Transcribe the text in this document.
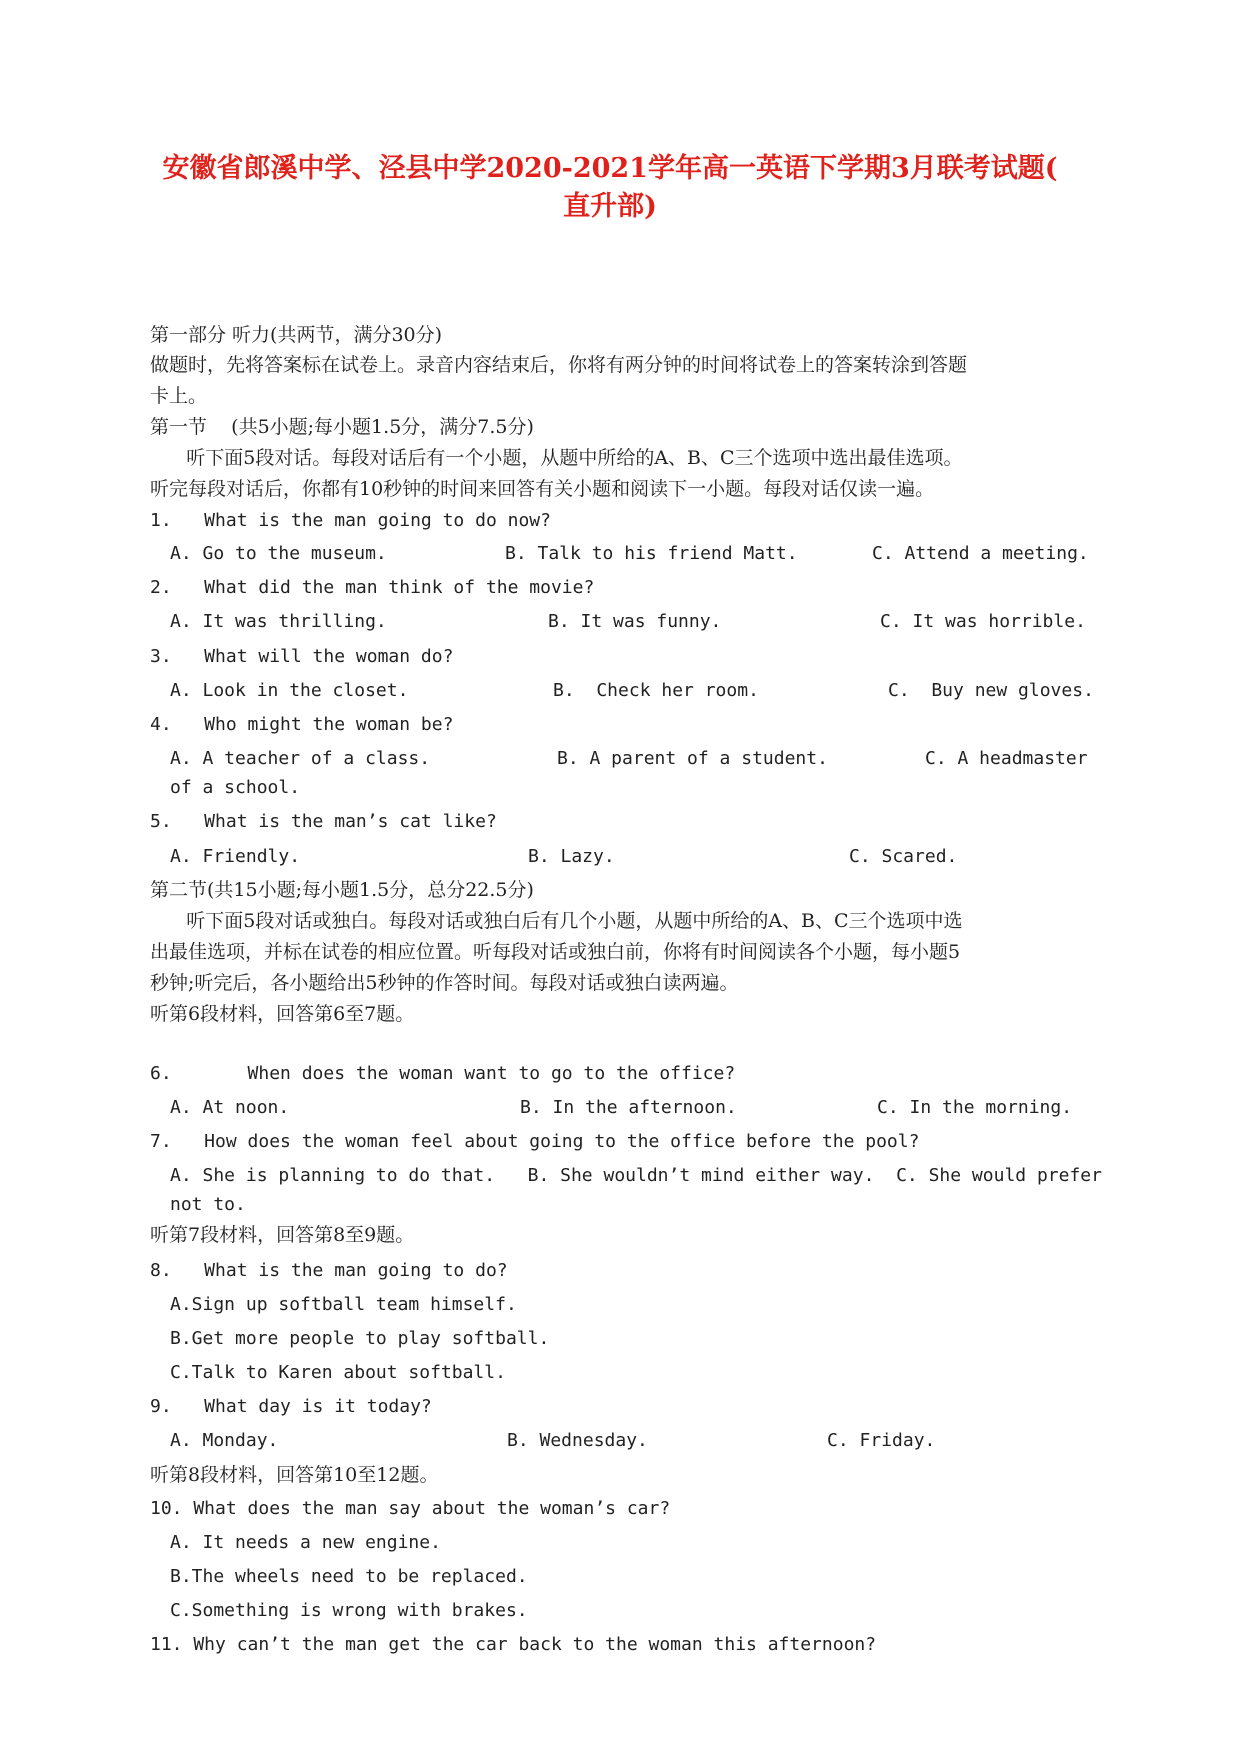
安徽省郎溪中学、泾县中学2020-2021学年高一英语下学期3月联考试题(
直升部)
第一部分 听力(共两节，满分30分)
做题时，先将答案标在试卷上。录音内容结束后，你将有两分钟的时间将试卷上的答案转涂到答题
卡上。
第一节    (共5小题;每小题1.5分，满分7.5分)
听下面5段对话。每段对话后有一个小题，从题中所给的A、B、C三个选项中选出最佳选项。
听完每段对话后，你都有10秒钟的时间来回答有关小题和阅读下一小题。每段对话仅读一遍。
1.   What is the man going to do now?
A. Go to the museum.	B. Talk to his friend Matt.	C. Attend a meeting.
2.   What did the man think of the movie?
A. It was thrilling.	B. It was funny.	C. It was horrible.
3.   What will the woman do?
A. Look in the closet.	B.  Check her room.	C.  Buy new gloves.
4.   Who might the woman be?
A. A teacher of a class.	B. A parent of a student.	C. A headmaster
of a school.
5.   What is the man’s cat like?
A. Friendly.	B. Lazy.	C. Scared.
第二节(共15小题;每小题1.5分，总分22.5分)
听下面5段对话或独白。每段对话或独白后有几个小题，从题中所给的A、B、C三个选项中选
出最佳选项，并标在试卷的相应位置。听每段对话或独白前，你将有时间阅读各个小题，每小题5
秒钟;听完后，各小题给出5秒钟的作答时间。每段对话或独白读两遍。
听第6段材料，回答第6至7题。
6.       When does the woman want to go to the office?
A. At noon.	B. In the afternoon.	C. In the morning.
7.   How does the woman feel about going to the office before the pool?
A. She is planning to do that.   B. She wouldn’t mind either way.  C. She would prefer
not to.
听第7段材料，回答第8至9题。
8.   What is the man going to do?
A.Sign up softball team himself.
B.Get more people to play softball.
C.Talk to Karen about softball.
9.   What day is it today?
A. Monday.	B. Wednesday.	C. Friday.
听第8段材料，回答第10至12题。
10. What does the man say about the woman’s car?
A. It needs a new engine.
B.The wheels need to be replaced.
C.Something is wrong with brakes.
11. Why can’t the man get the car back to the woman this afternoon?
